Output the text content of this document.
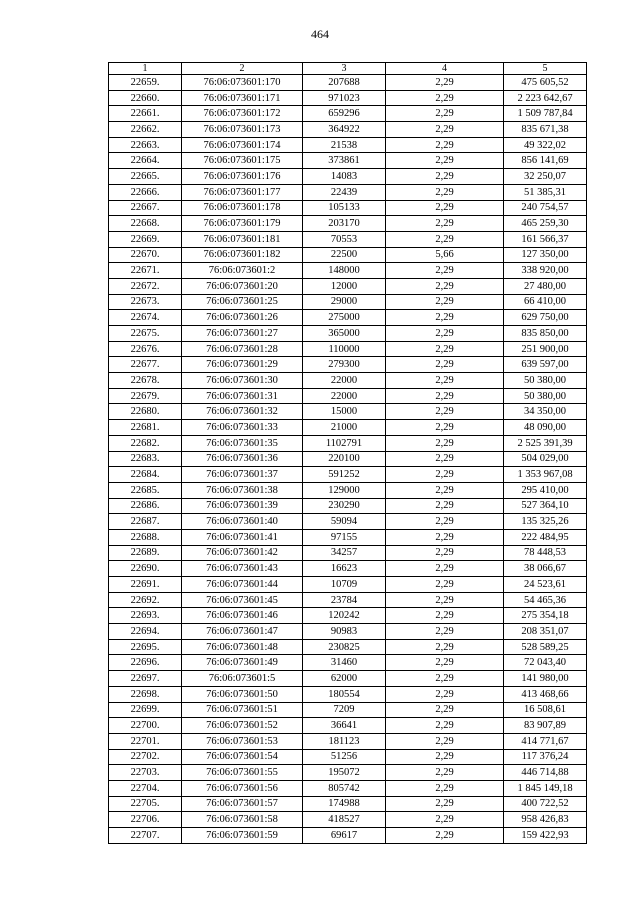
464
1	2	3	4	5
22659.	76:06:073601:170	207688	2,29	475 605,52
22660.	76:06:073601:171	971023	2,29	2 223 642,67
22661.	76:06:073601:172	659296	2,29	1 509 787,84
22662.	76:06:073601:173	364922	2,29	835 671,38
22663.	76:06:073601:174	21538	2,29	49 322,02
22664.	76:06:073601:175	373861	2,29	856 141,69
22665.	76:06:073601:176	14083	2,29	32 250,07
22666.	76:06:073601:177	22439	2,29	51 385,31
22667.	76:06:073601:178	105133	2,29	240 754,57
22668.	76:06:073601:179	203170	2,29	465 259,30
22669.	76:06:073601:181	70553	2,29	161 566,37
22670.	76:06:073601:182	22500	5,66	127 350,00
22671.	76:06:073601:2	148000	2,29	338 920,00
22672.	76:06:073601:20	12000	2,29	27 480,00
22673.	76:06:073601:25	29000	2,29	66 410,00
22674.	76:06:073601:26	275000	2,29	629 750,00
22675.	76:06:073601:27	365000	2,29	835 850,00
22676.	76:06:073601:28	110000	2,29	251 900,00
22677.	76:06:073601:29	279300	2,29	639 597,00
22678.	76:06:073601:30	22000	2,29	50 380,00
22679.	76:06:073601:31	22000	2,29	50 380,00
22680.	76:06:073601:32	15000	2,29	34 350,00
22681.	76:06:073601:33	21000	2,29	48 090,00
22682.	76:06:073601:35	1102791	2,29	2 525 391,39
22683.	76:06:073601:36	220100	2,29	504 029,00
22684.	76:06:073601:37	591252	2,29	1 353 967,08
22685.	76:06:073601:38	129000	2,29	295 410,00
22686.	76:06:073601:39	230290	2,29	527 364,10
22687.	76:06:073601:40	59094	2,29	135 325,26
22688.	76:06:073601:41	97155	2,29	222 484,95
22689.	76:06:073601:42	34257	2,29	78 448,53
22690.	76:06:073601:43	16623	2,29	38 066,67
22691.	76:06:073601:44	10709	2,29	24 523,61
22692.	76:06:073601:45	23784	2,29	54 465,36
22693.	76:06:073601:46	120242	2,29	275 354,18
22694.	76:06:073601:47	90983	2,29	208 351,07
22695.	76:06:073601:48	230825	2,29	528 589,25
22696.	76:06:073601:49	31460	2,29	72 043,40
22697.	76:06:073601:5	62000	2,29	141 980,00
22698.	76:06:073601:50	180554	2,29	413 468,66
22699.	76:06:073601:51	7209	2,29	16 508,61
22700.	76:06:073601:52	36641	2,29	83 907,89
22701.	76:06:073601:53	181123	2,29	414 771,67
22702.	76:06:073601:54	51256	2,29	117 376,24
22703.	76:06:073601:55	195072	2,29	446 714,88
22704.	76:06:073601:56	805742	2,29	1 845 149,18
22705.	76:06:073601:57	174988	2,29	400 722,52
22706.	76:06:073601:58	418527	2,29	958 426,83
22707.	76:06:073601:59	69617	2,29	159 422,93
